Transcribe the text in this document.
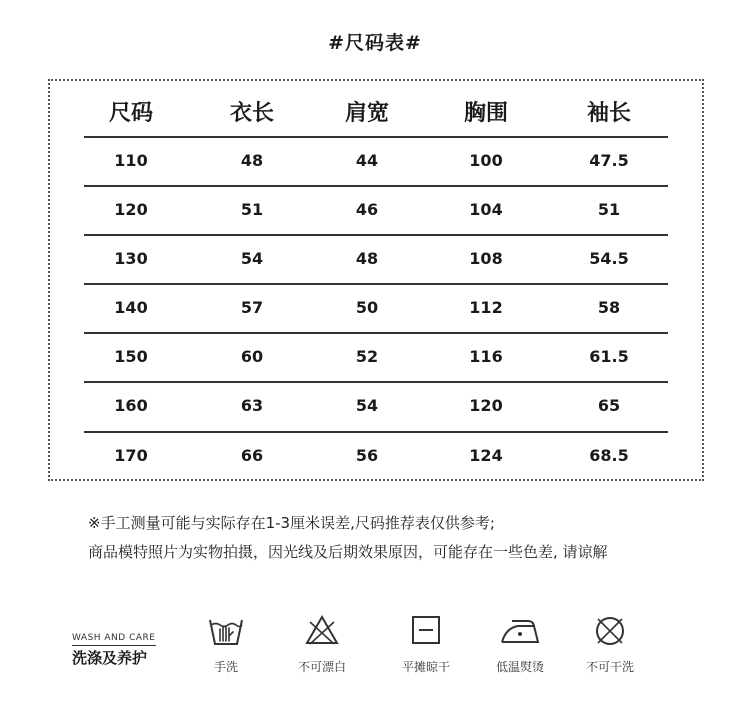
#尺码表#
尺码	衣长	肩宽	胸围	袖长
110	48	44	100	47.5
120	51	46	104	51
130	54	48	108	54.5
140	57	50	112	58
150	60	52	116	61.5
160	63	54	120	65
170	66	56	124	68.5
※手工测量可能与实际存在1-3厘米误差,尺码推荐表仅供参考;
商品模特照片为实物拍摄，因光线及后期效果原因，可能存在一些色差, 请谅解
WASH AND CARE
洗涤及养护	手洗	不可漂白	平摊晾干	低温熨烫	不可干洗
